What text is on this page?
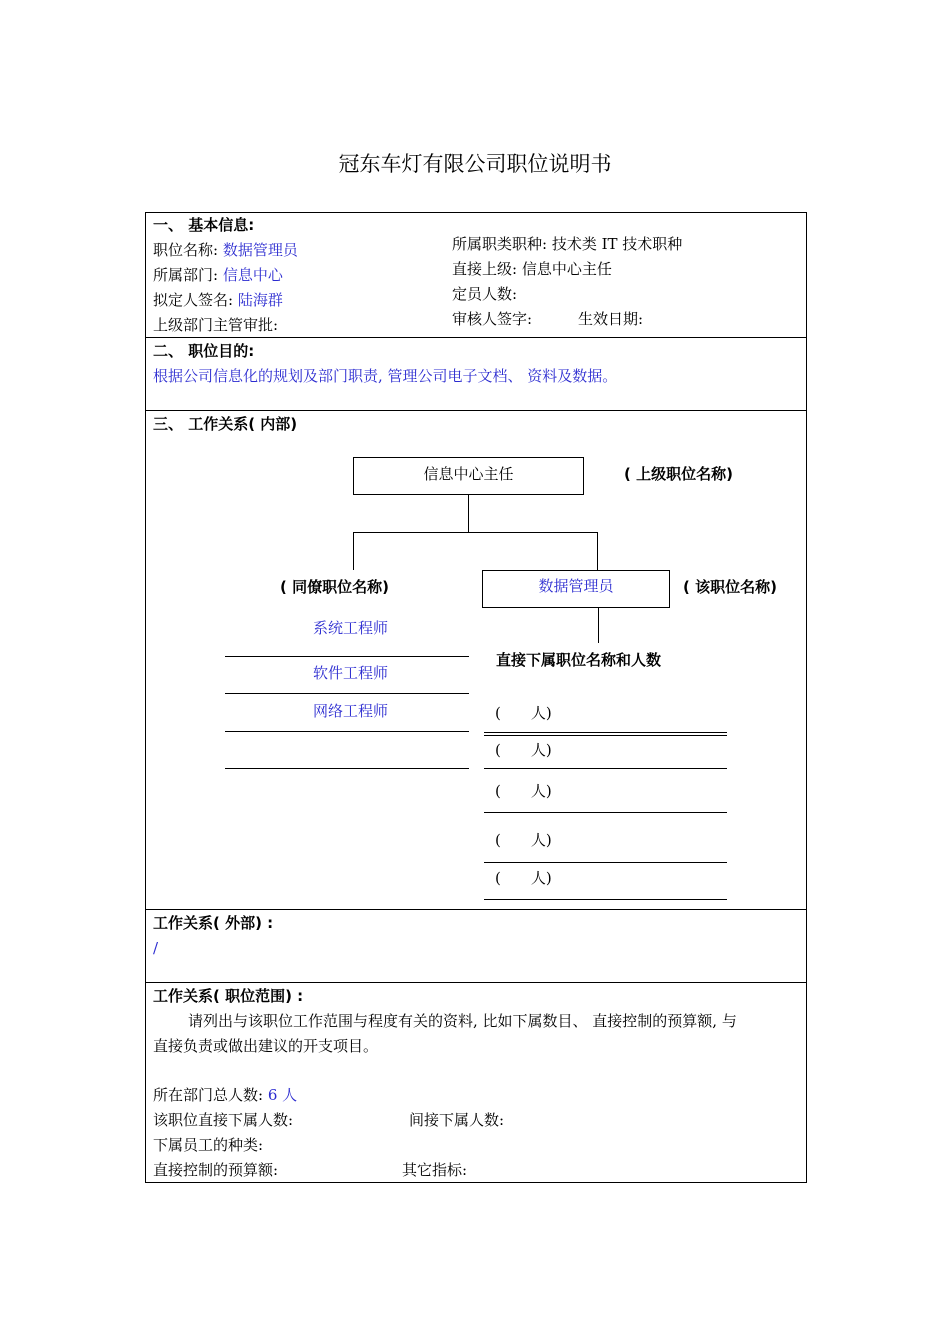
冠东车灯有限公司职位说明书
一、 基本信息:
职位名称: 数据管理员
所属部门: 信息中心
拟定人签名: 陆海群
上级部门主管审批:
所属职类职种: 技术类 IT 技术职种
直接上级: 信息中心主任
定员人数:
审核人签字:	生效日期:
二、 职位目的:
根据公司信息化的规划及部门职责, 管理公司电子文档、 资料及数据。
三、 工作关系( 内部)
信息中心主任	( 上级职位名称)
( 同僚职位名称)	数据管理员	( 该职位名称)
系统工程师
软件工程师
网络工程师
直接下属职位名称和人数
(　　人)
(　　人)
(　　人)
(　　人)
(　　人)
工作关系( 外部) :
/
工作关系( 职位范围) :
请列出与该职位工作范围与程度有关的资料, 比如下属数目、 直接控制的预算额, 与
直接负责或做出建议的开支项目。
所在部门总人数: 6 人
该职位直接下属人数:	间接下属人数:
下属员工的种类:
直接控制的预算额:	其它指标:
